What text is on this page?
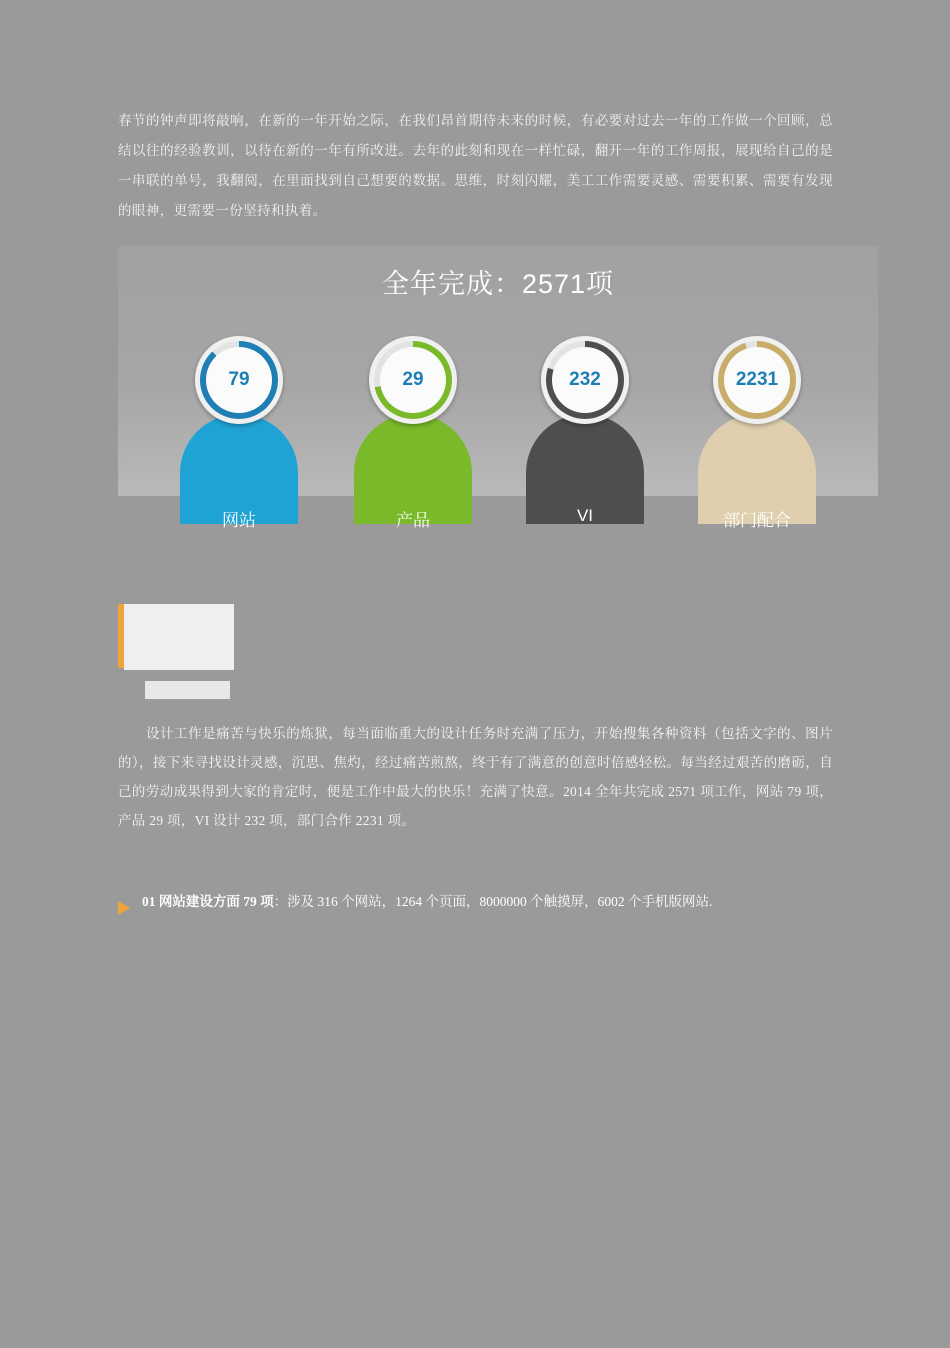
春节的钟声即将敲响，在新的一年开始之际，在我们昂首期待未来的时候，有必要对过去一年的工作做一个回顾，总结以往的经验教训，以待在新的一年有所改进。去年的此刻和现在一样忙碌，翻开一年的工作周报，展现给自己的是一串联的单号，我翻阅，在里面找到自己想要的数据。思维，时刻闪耀，美工工作需要灵感、需要积累、需要有发现的眼神，更需要一份坚持和执着。

全年完成：2571项
79
网站
29
产品
232
VI
2231
部门配合

设计工作是痛苦与快乐的炼狱，每当面临重大的设计任务时充满了压力，开始搜集各种资料（包括文字的、图片的），接下来寻找设计灵感，沉思、焦灼，经过痛苦煎熬，终于有了满意的创意时倍感轻松。每当经过艰苦的磨砺，自己的劳动成果得到大家的肯定时，便是工作中最大的快乐！充满了快意。2014 全年共完成 2571 项工作，网站 79 项，产品 29 项，VI 设计 232 项，部门合作 2231 项。

01 网站建设方面 79 项：涉及 316 个网站，1264 个页面，8000000 个触摸屏，6002 个手机版网站.
